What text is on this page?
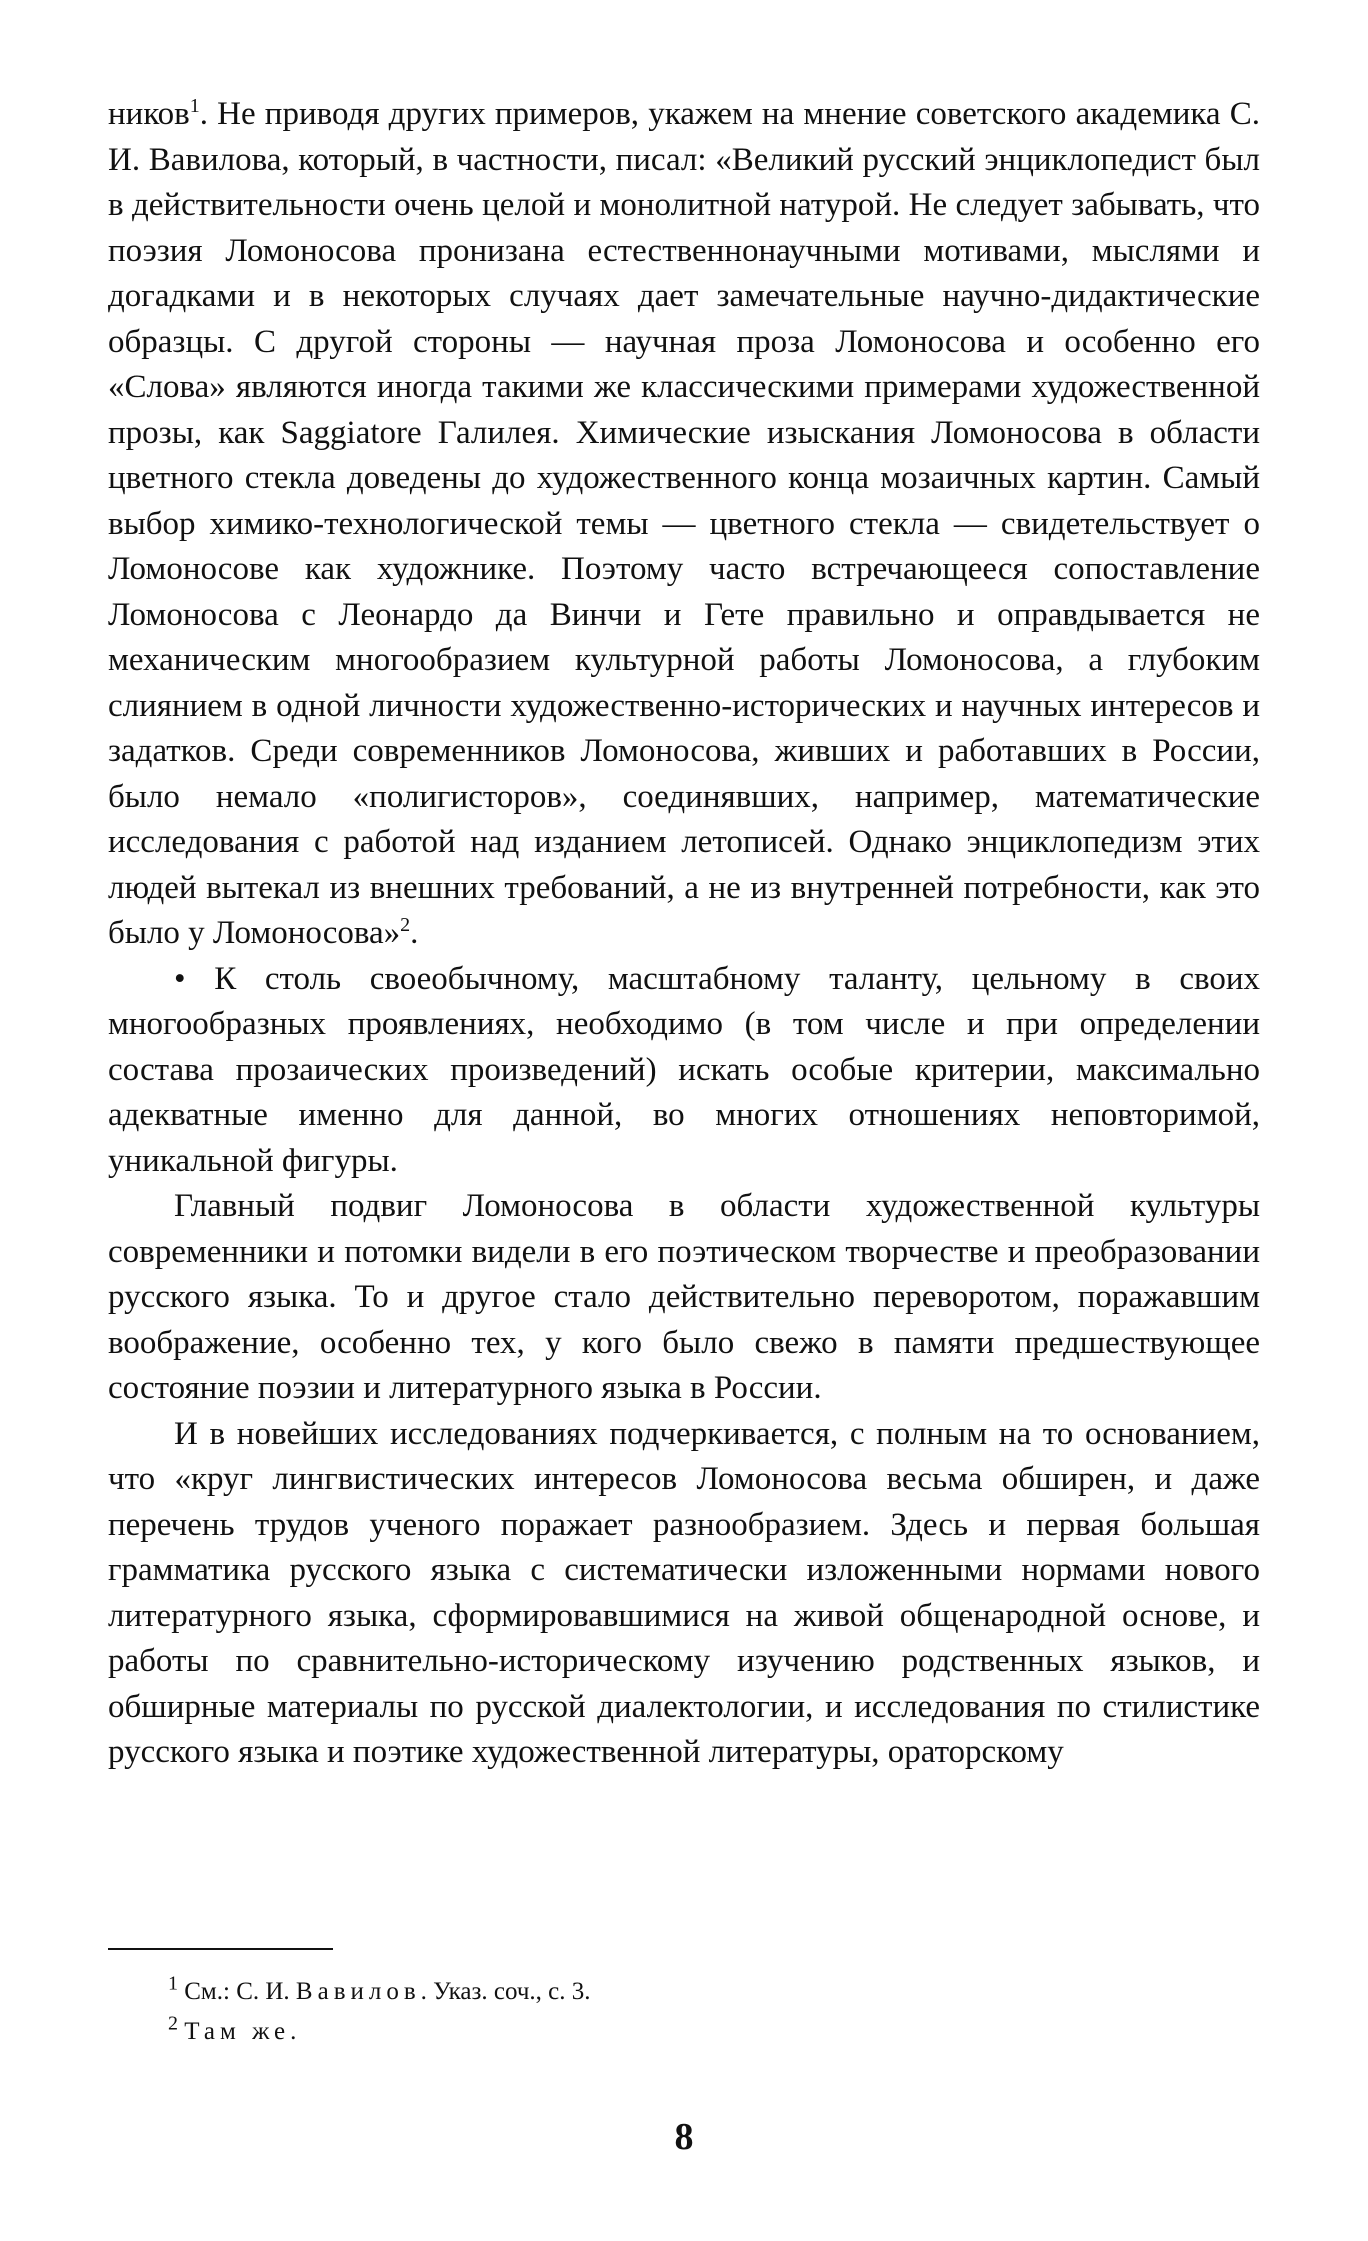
ников$^1$. Не приводя других примеров, укажем на мнение советского академика С. И. Вавилова, который, в частности, писал: «Великий русский энциклопедист был в действительности очень целой и монолитной натурой. Не следует забывать, что поэзия Ломоносова пронизана естественнонаучными мотивами, мыслями и догадками и в некоторых случаях дает замечательные научно-дидактические образцы. С другой стороны — научная проза Ломоносова и особенно его «Слова» являются иногда такими же классическими примерами художественной прозы, как Saggiatore Галилея. Химические изыскания Ломоносова в области цветного стекла доведены до художественного конца мозаичных картин. Самый выбор химико-технологической темы — цветного стекла — свидетельствует о Ломоносове как художнике. Поэтому часто встречающееся сопоставление Ломоносова с Леонардо да Винчи и Гете правильно и оправдывается не механическим многообразием культурной работы Ломоносова, а глубоким слиянием в одной личности художественно-исторических и научных интересов и задатков. Среди современников Ломоносова, живших и работавших в России, было немало «полигисторов», соединявших, например, математические исследования с работой над изданием летописей. Однако энциклопедизм этих людей вытекал из внешних требований, а не из внутренней потребности, как это было у Ломоносова»$^2$.

• К столь своеобычному, масштабному таланту, цельному в своих многообразных проявлениях, необходимо (в том числе и при определении состава прозаических произведений) искать особые критерии, максимально адекватные именно для данной, во многих отношениях неповторимой, уникальной фигуры.

Главный подвиг Ломоносова в области художественной культуры современники и потомки видели в его поэтическом творчестве и преобразовании русского языка. То и другое стало действительно переворотом, поражавшим воображение, особенно тех, у кого было свежо в памяти предшествующее состояние поэзии и литературного языка в России.

И в новейших исследованиях подчеркивается, с полным на то основанием, что «круг лингвистических интересов Ломоносова весьма обширен, и даже перечень трудов ученого поражает разнообразием. Здесь и первая большая грамматика русского языка с систематически изложенными нормами нового литературного языка, сформировавшимися на живой общенародной основе, и работы по сравнительно-историческому изучению родственных языков, и обширные материалы по русской диалектологии, и исследования по стилистике русского языка и поэтике художественной литературы, ораторскому

$^1$ См.: С. И. Вавилов. Указ. соч., с. 3.

$^2$ Там же.

8
